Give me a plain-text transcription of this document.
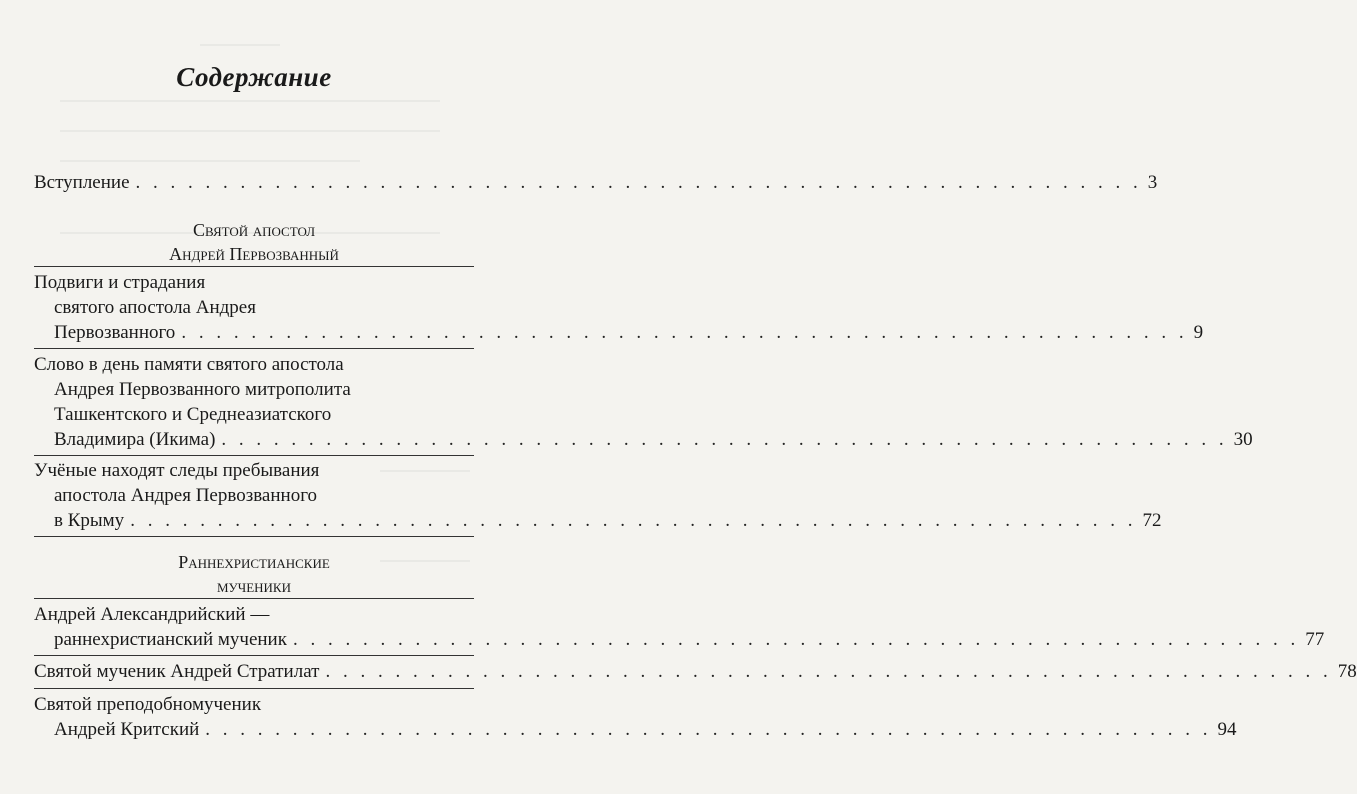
Содержание
Вступление . . . . . . . . . . . . . . . . . . . . . . . . . . . . . . . . . . . . . . . . . . . . . . . . . . . . . . . . . . 3
Святой апостол
Андрей Первозванный
Подвиги и страдания
святого апостола Андрея
Первозванного . . . . . . . . . . . . . . . . . . . . . . . . . . . . . . . . . . . . . . . . . . . . . . . . . . . . . . . . . . 9
Слово в день памяти святого апостола
Андрея Первозванного митрополита
Ташкентского и Среднеазиатского
Владимира (Икима) . . . . . . . . . . . . . . . . . . . . . . . . . . . . . . . . . . . . . . . . . . . . . . . . . . . . . . . . . . 30
Учёные находят следы пребывания
апостола Андрея Первозванного
в Крыму . . . . . . . . . . . . . . . . . . . . . . . . . . . . . . . . . . . . . . . . . . . . . . . . . . . . . . . . . . 72
Раннехристианские
мученики
Андрей Александрийский —
раннехристианский мученик . . . . . . . . . . . . . . . . . . . . . . . . . . . . . . . . . . . . . . . . . . . . . . . . . . . . . . . . . . 77
Святой мученик Андрей Стратилат . . . . . . . . . . . . . . . . . . . . . . . . . . . . . . . . . . . . . . . . . . . . . . . . . . . . . . . . . . 78
Святой преподобномученик
Андрей Критский . . . . . . . . . . . . . . . . . . . . . . . . . . . . . . . . . . . . . . . . . . . . . . . . . . . . . . . . . . 94
